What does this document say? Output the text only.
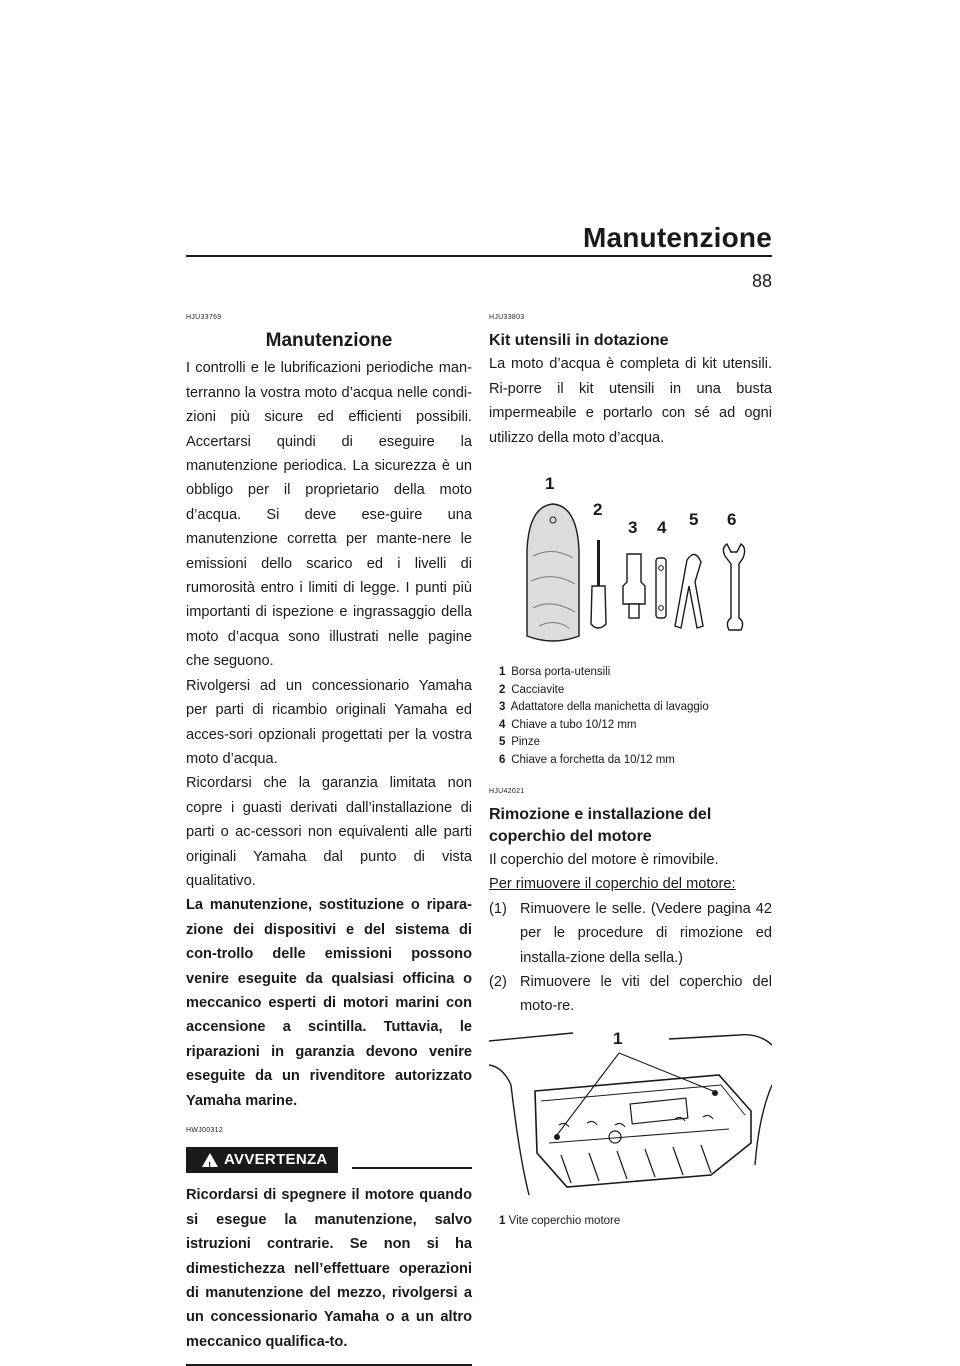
Manutenzione
88
HJU33769
Manutenzione

I controlli e le lubrificazioni periodiche man-terranno la vostra moto d’acqua nelle condi-zioni più sicure ed efficienti possibili. Accertarsi quindi di eseguire la manutenzione periodica. La sicurezza è un obbligo per il proprietario della moto d’acqua. Si deve ese-guire una manutenzione corretta per mante-nere le emissioni dello scarico ed i livelli di rumorosità entro i limiti di legge. I punti più importanti di ispezione e ingrassaggio della moto d’acqua sono illustrati nelle pagine che seguono.

Rivolgersi ad un concessionario Yamaha per parti di ricambio originali Yamaha ed acces-sori opzionali progettati per la vostra moto d’acqua.

Ricordarsi che la garanzia limitata non copre i guasti derivati dall’installazione di parti o ac-cessori non equivalenti alle parti originali Yamaha dal punto di vista qualitativo.

La manutenzione, sostituzione o ripara-zione dei dispositivi e del sistema di con-trollo delle emissioni possono venire eseguite da qualsiasi officina o meccanico esperti di motori marini con accensione a scintilla. Tuttavia, le riparazioni in garanzia devono venire eseguite da un rivenditore autorizzato Yamaha marine.

HWJ00312
!
AVVERTENZA

Ricordarsi di spegnere il motore quando si esegue la manutenzione, salvo istruzioni contrarie. Se non si ha dimestichezza nell’effettuare operazioni di manutenzione del mezzo, rivolgersi a un concessionario Yamaha o a un altro meccanico qualifica-to.

HJU33803
Kit utensili in dotazione

La moto d’acqua è completa di kit utensili. Ri-porre il kit utensili in una busta impermeabile e portarlo con sé ad ogni utilizzo della moto d’acqua.

1
2
3 4 5 6
1 Borsa porta-utensili
2 Cacciavite
3 Adattatore della manichetta di lavaggio
4 Chiave a tubo 10/12 mm
5 Pinze
6 Chiave a forchetta da 10/12 mm
HJU42021
Rimozione e installazione del coperchio del motore

Il coperchio del motore è rimovibile.

Per rimuovere il coperchio del motore:
(1) Rimuovere le selle. (Vedere pagina 42 per le procedure di rimozione ed installa-zione della sella.)
(2) Rimuovere le viti del coperchio del moto-re.
1
1 Vite coperchio motore
